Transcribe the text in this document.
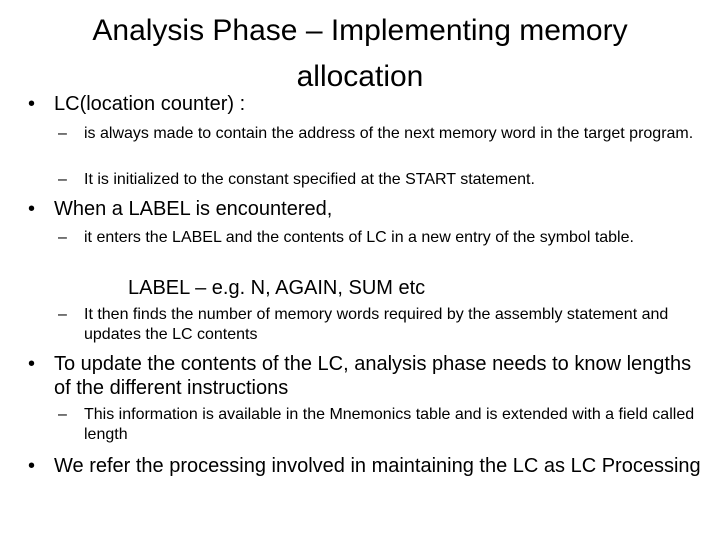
Analysis Phase – Implementing memory allocation
• LC(location counter) :
– is always made to contain the address of the next memory word in the target program.
– It is initialized to the constant specified at the START statement.
• When a LABEL is encountered,
– it enters the LABEL and the contents of LC in a new entry of the symbol table.
LABEL – e.g. N, AGAIN, SUM etc
– It then finds the number of memory words required by the assembly statement and updates the LC contents
• To update the contents of the LC, analysis phase needs to know lengths of the different instructions
– This information is available in the Mnemonics table and is extended with a field called length
• We refer the processing involved in maintaining the LC as LC Processing
